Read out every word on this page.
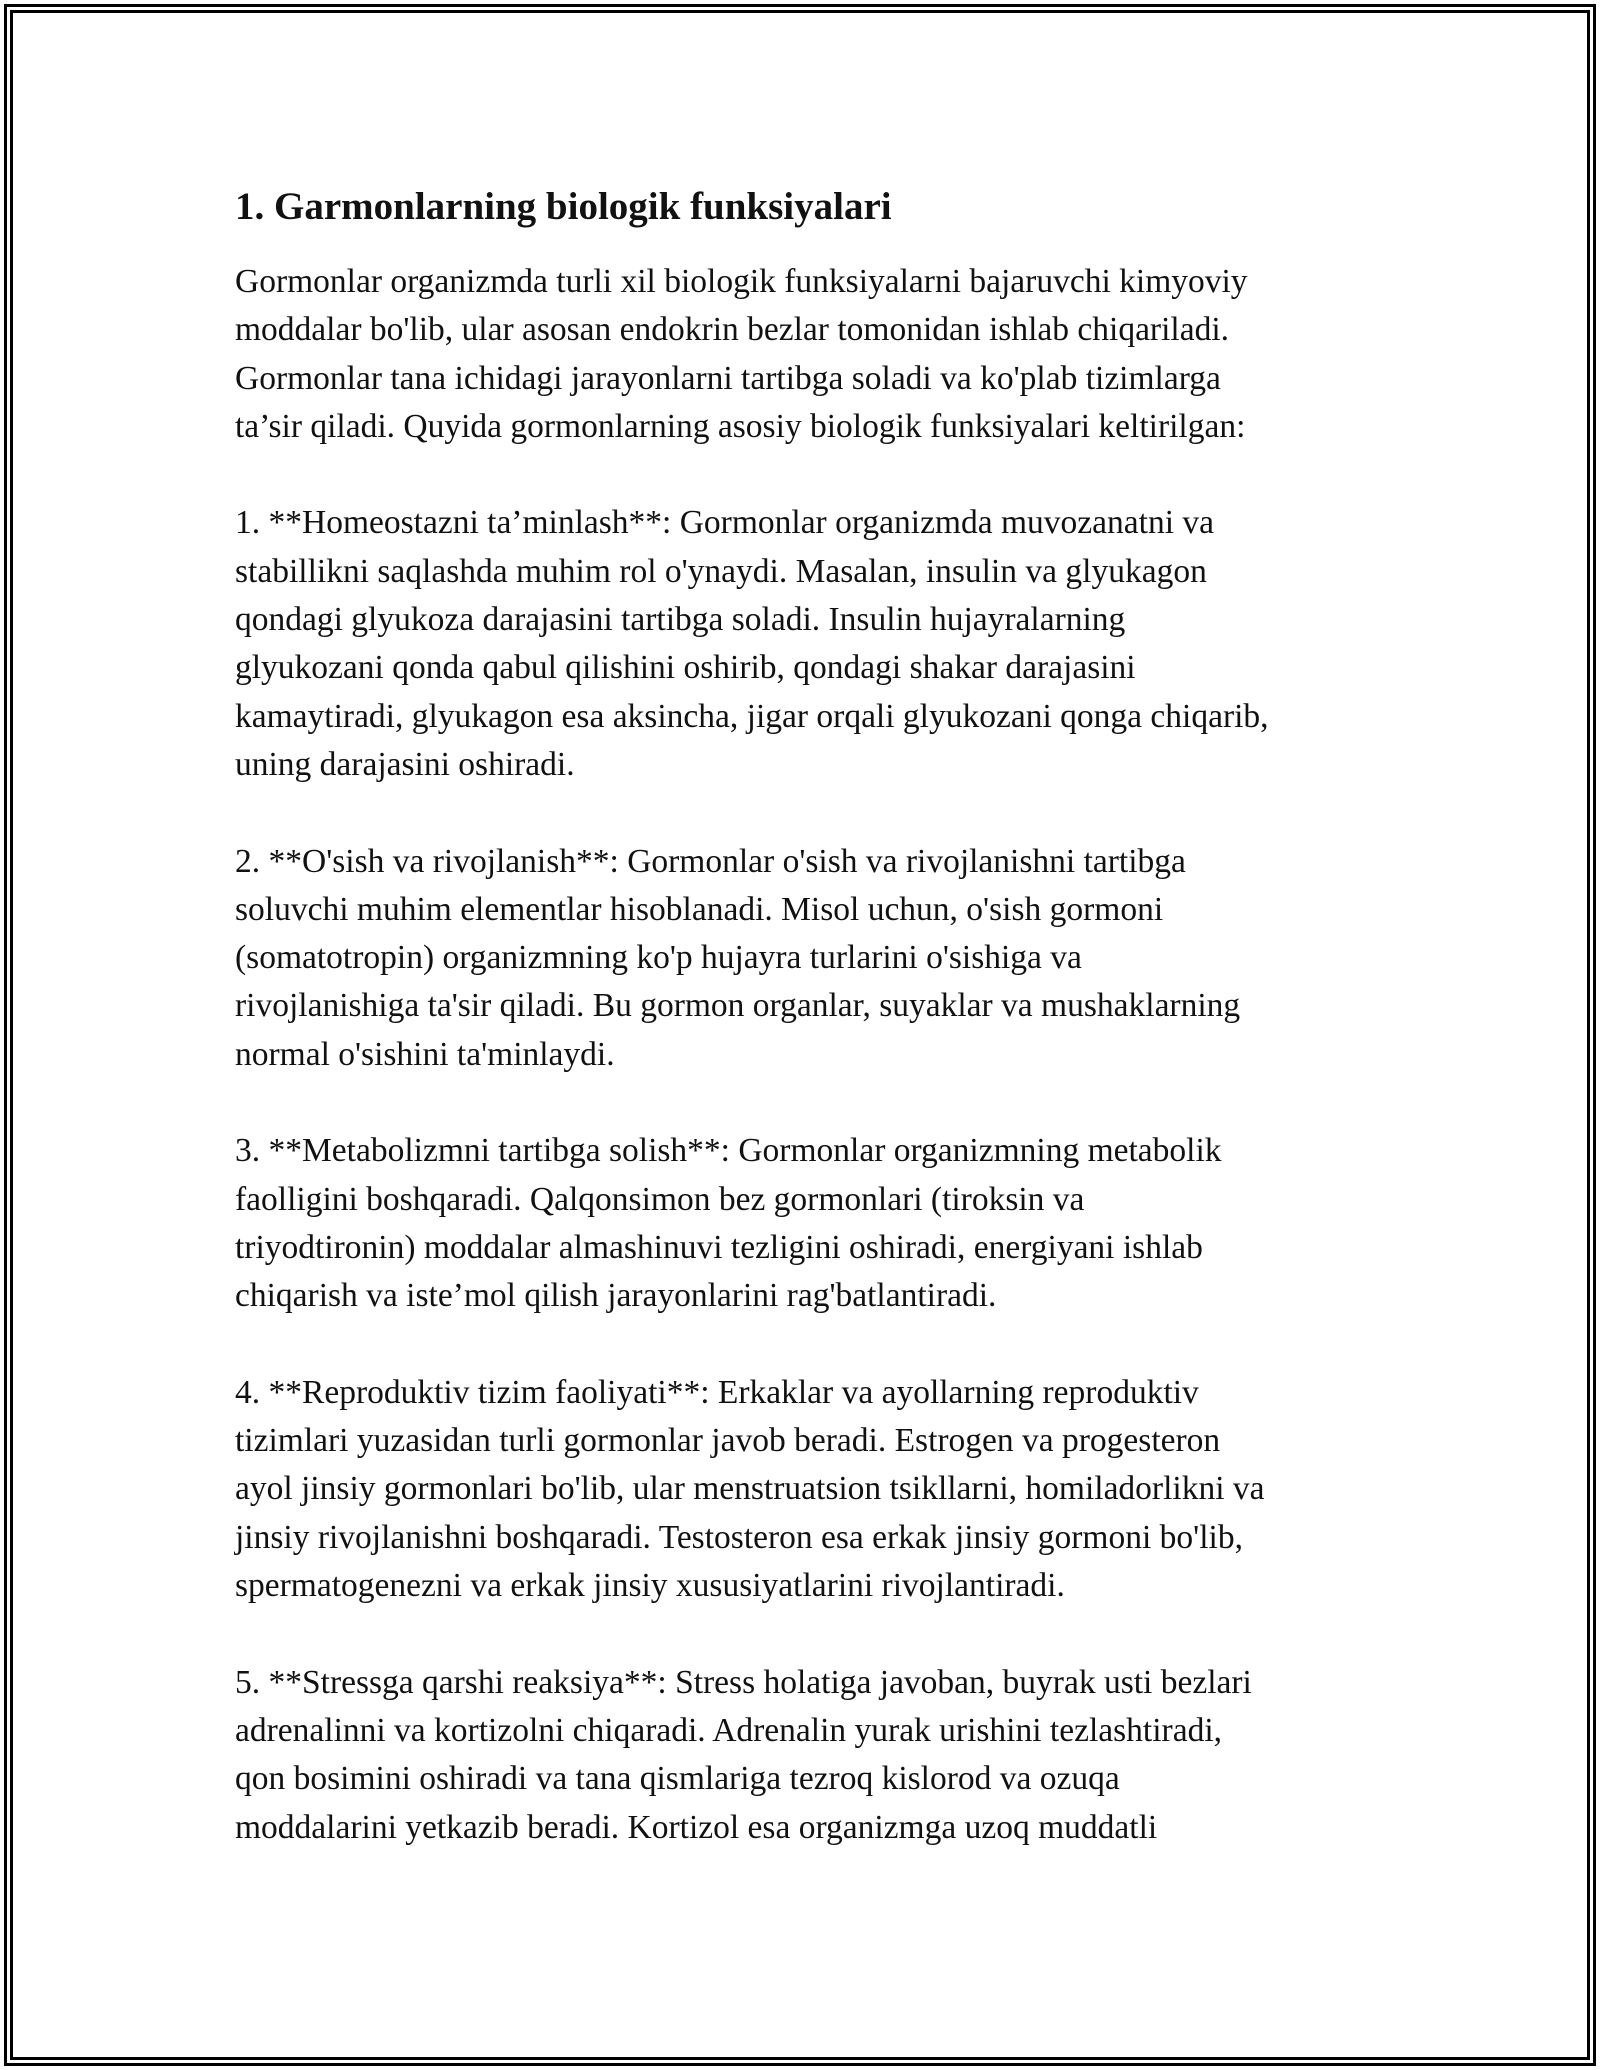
1. Garmonlarning biologik funksiyalari
Gormonlar organizmda turli xil biologik funksiyalarni bajaruvchi kimyoviy
moddalar bo'lib, ular asosan endokrin bezlar tomonidan ishlab chiqariladi.
Gormonlar tana ichidagi jarayonlarni tartibga soladi va ko'plab tizimlarga
ta’sir qiladi. Quyida gormonlarning asosiy biologik funksiyalari keltirilgan:
1. **Homeostazni ta’minlash**: Gormonlar organizmda muvozanatni va
stabillikni saqlashda muhim rol o'ynaydi. Masalan, insulin va glyukagon
qondagi glyukoza darajasini tartibga soladi. Insulin hujayralarning
glyukozani qonda qabul qilishini oshirib, qondagi shakar darajasini
kamaytiradi, glyukagon esa aksincha, jigar orqali glyukozani qonga chiqarib,
uning darajasini oshiradi.
2. **O'sish va rivojlanish**: Gormonlar o'sish va rivojlanishni tartibga
soluvchi muhim elementlar hisoblanadi. Misol uchun, o'sish gormoni
(somatotropin) organizmning ko'p hujayra turlarini o'sishiga va
rivojlanishiga ta'sir qiladi. Bu gormon organlar, suyaklar va mushaklarning
normal o'sishini ta'minlaydi.
3. **Metabolizmni tartibga solish**: Gormonlar organizmning metabolik
faolligini boshqaradi. Qalqonsimon bez gormonlari (tiroksin va
triyodtironin) moddalar almashinuvi tezligini oshiradi, energiyani ishlab
chiqarish va iste’mol qilish jarayonlarini rag'batlantiradi.
4. **Reproduktiv tizim faoliyati**: Erkaklar va ayollarning reproduktiv
tizimlari yuzasidan turli gormonlar javob beradi. Estrogen va progesteron
ayol jinsiy gormonlari bo'lib, ular menstruatsion tsikllarni, homiladorlikni va
jinsiy rivojlanishni boshqaradi. Testosteron esa erkak jinsiy gormoni bo'lib,
spermatogenezni va erkak jinsiy xususiyatlarini rivojlantiradi.
5. **Stressga qarshi reaksiya**: Stress holatiga javoban, buyrak usti bezlari
adrenalinni va kortizolni chiqaradi. Adrenalin yurak urishini tezlashtiradi,
qon bosimini oshiradi va tana qismlariga tezroq kislorod va ozuqa
moddalarini yetkazib beradi. Kortizol esa organizmga uzoq muddatli
